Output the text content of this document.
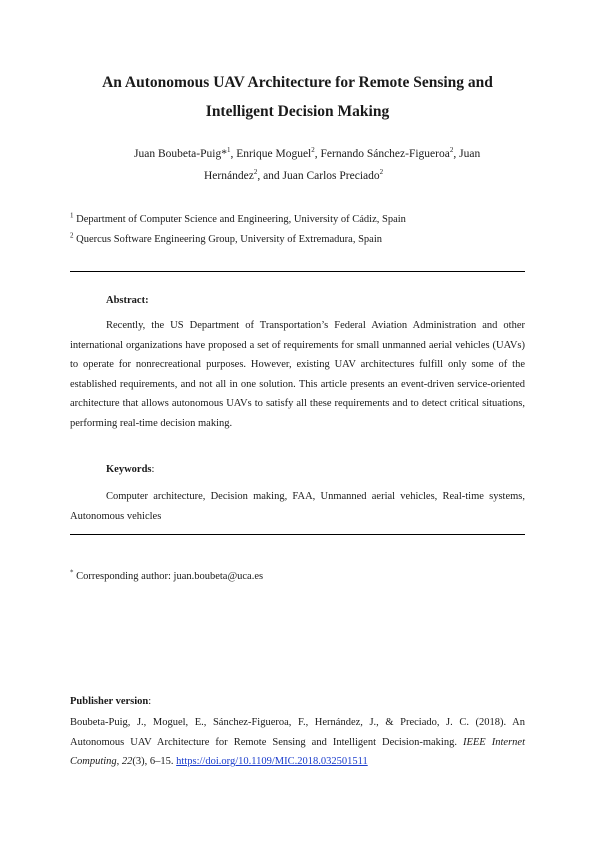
An Autonomous UAV Architecture for Remote Sensing and
Intelligent Decision Making
Juan Boubeta-Puig*$^1$, Enrique Moguel$^2$, Fernando Sánchez-Figueroa$^2$, Juan
Hernández$^2$, and Juan Carlos Preciado$^2$
$^1$ Department of Computer Science and Engineering, University of Cádiz, Spain
$^2$ Quercus Software Engineering Group, University of Extremadura, Spain
Abstract:
Recently, the US Department of Transportation’s Federal Aviation Administration and other international organizations have proposed a set of requirements for small unmanned aerial vehicles (UAVs) to operate for nonrecreational purposes. However, existing UAV architectures fulfill only some of the established requirements, and not all in one solution. This article presents an event-driven service-oriented architecture that allows autonomous UAVs to satisfy all these requirements and to detect critical situations, performing real-time decision making.
Keywords:
Computer architecture, Decision making, FAA, Unmanned aerial vehicles, Real-time systems, Autonomous vehicles
* Corresponding author: juan.boubeta@uca.es
Publisher version:
Boubeta-Puig, J., Moguel, E., Sánchez-Figueroa, F., Hernández, J., & Preciado, J. C. (2018). An Autonomous UAV Architecture for Remote Sensing and Intelligent Decision-making. IEEE Internet Computing, 22(3), 6–15. https://doi.org/10.1109/MIC.2018.032501511
